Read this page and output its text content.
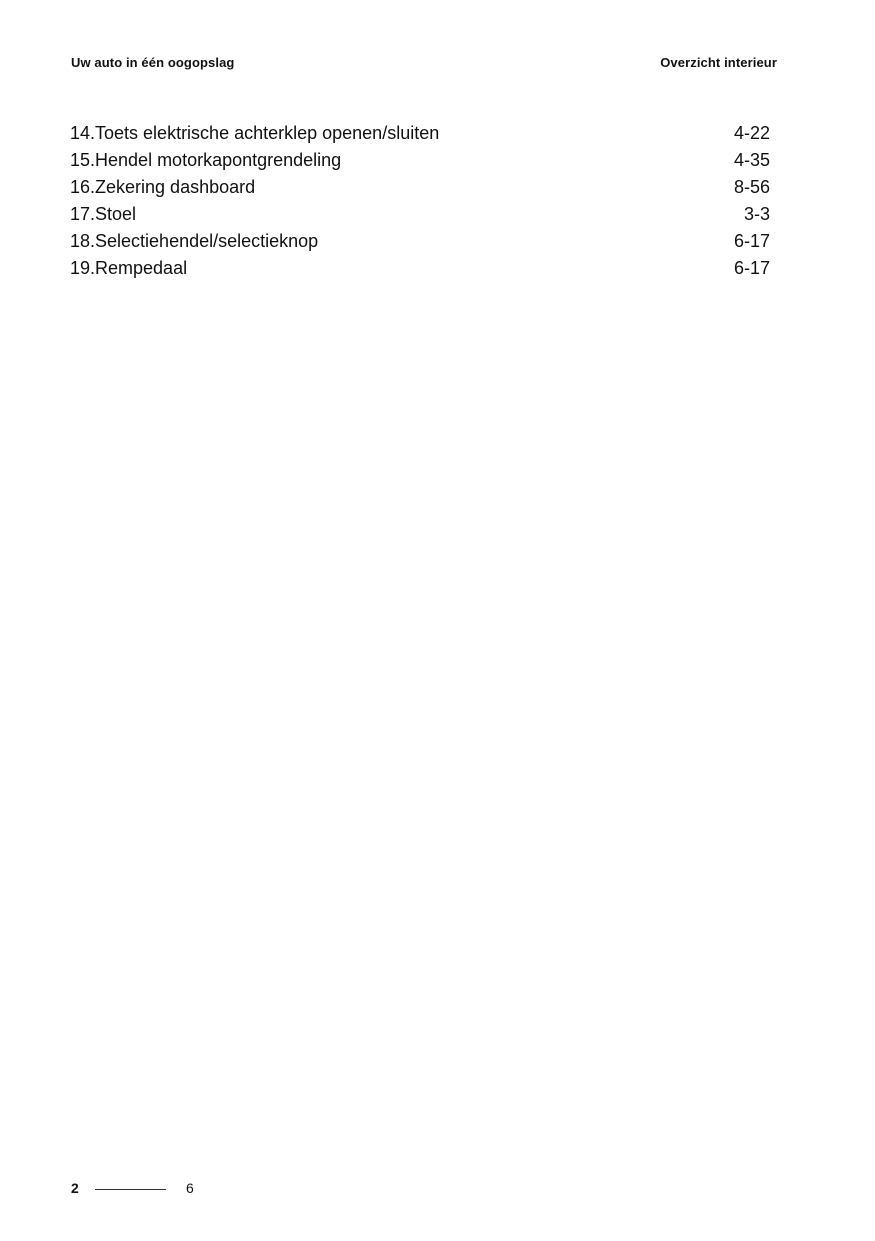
Uw auto in één oogopslag	Overzicht interieur
14.Toets elektrische achterklep openen/sluiten	4-22
15.Hendel motorkapontgrendeling	4-35
16.Zekering dashboard	8-56
17.Stoel	3-3
18.Selectiehendel/selectieknop	6-17
19.Rempedaal	6-17
2	6
